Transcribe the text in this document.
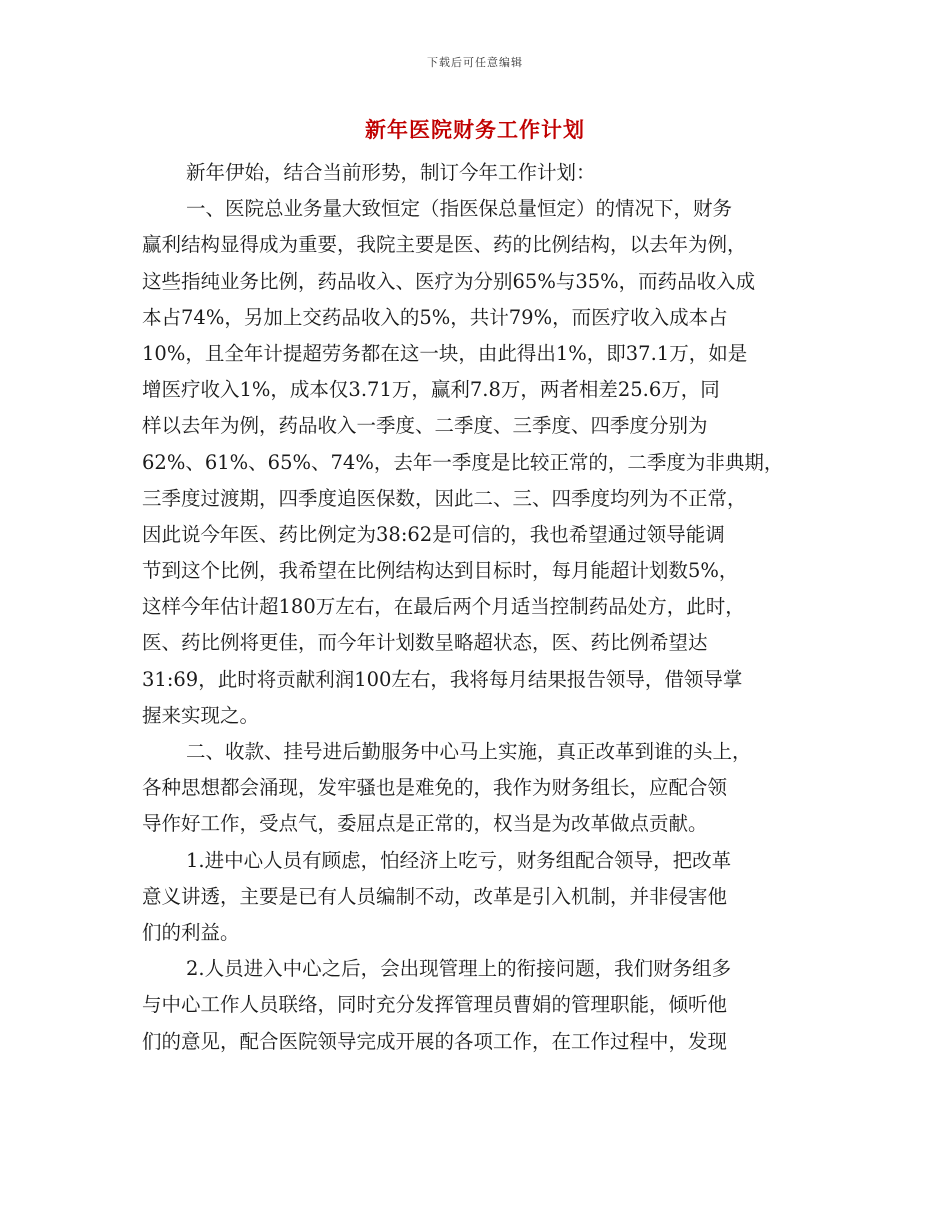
下载后可任意编辑
新年医院财务工作计划
新年伊始，结合当前形势，制订今年工作计划：
一、医院总业务量大致恒定（指医保总量恒定）的情况下，财务
赢利结构显得成为重要，我院主要是医、药的比例结构，以去年为例，
这些指纯业务比例，药品收入、医疗为分别65%与35%，而药品收入成
本占74%，另加上交药品收入的5%，共计79%，而医疗收入成本占
10%，且全年计提超劳务都在这一块，由此得出1%，即37.1万，如是
增医疗收入1%，成本仅3.71万，赢利7.8万，两者相差25.6万，同
样以去年为例，药品收入一季度、二季度、三季度、四季度分别为
62%、61%、65%、74%，去年一季度是比较正常的，二季度为非典期，
三季度过渡期，四季度追医保数，因此二、三、四季度均列为不正常，
因此说今年医、药比例定为38:62是可信的，我也希望通过领导能调
节到这个比例，我希望在比例结构达到目标时，每月能超计划数5%，
这样今年估计超180万左右，在最后两个月适当控制药品处方，此时，
医、药比例将更佳，而今年计划数呈略超状态，医、药比例希望达
31:69，此时将贡献利润100左右，我将每月结果报告领导，借领导掌
握来实现之。
二、收款、挂号进后勤服务中心马上实施，真正改革到谁的头上，
各种思想都会涌现，发牢骚也是难免的，我作为财务组长，应配合领
导作好工作，受点气，委屈点是正常的，权当是为改革做点贡献。
1.进中心人员有顾虑，怕经济上吃亏，财务组配合领导，把改革
意义讲透，主要是已有人员编制不动，改革是引入机制，并非侵害他
们的利益。
2.人员进入中心之后，会出现管理上的衔接问题，我们财务组多
与中心工作人员联络，同时充分发挥管理员曹娟的管理职能，倾听他
们的意见，配合医院领导完成开展的各项工作，在工作过程中，发现
